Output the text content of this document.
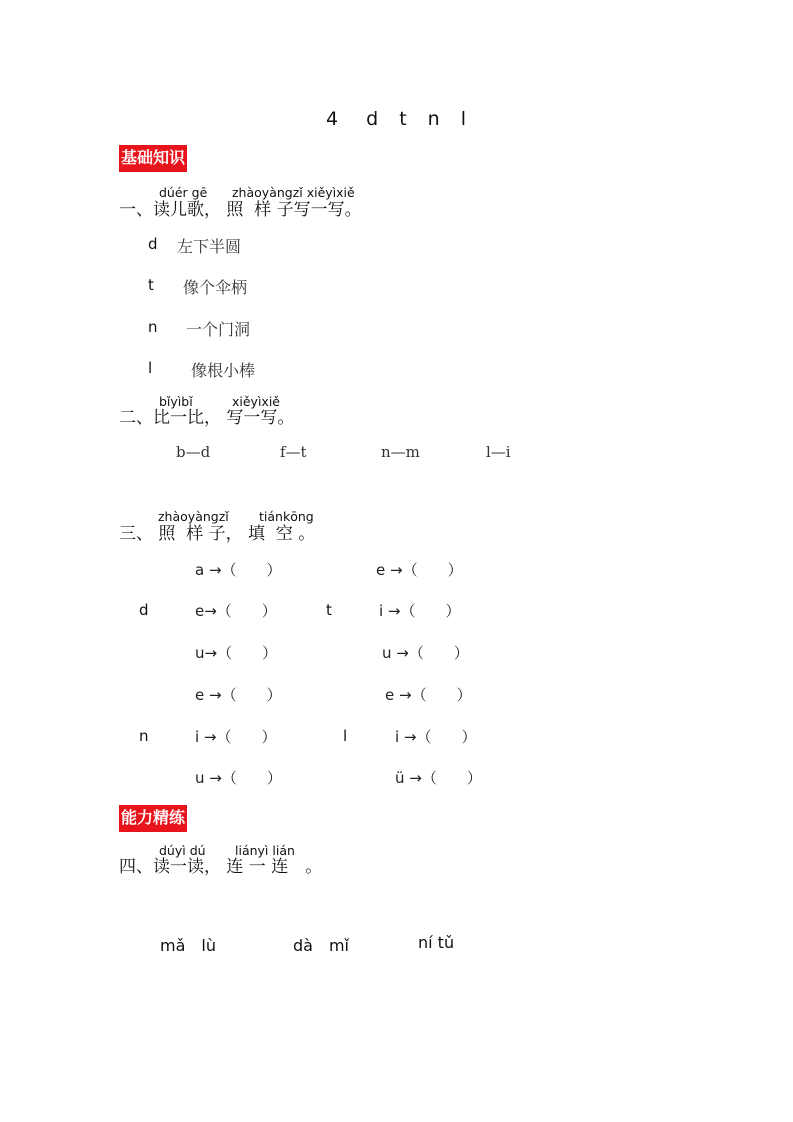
4　 d　t　n　l
基础知识
dúér gē zhàoyàngzǐ xiěyìxiě
一、读儿歌， 照  样 子写一写。
d 左下半圆
t 像个伞柄
n 一个门洞
l 像根小棒
bǐyìbǐ	xiěyìxiě
二、比一比， 写一写。
b—d	f—t	n—m	l—i
zhàoyàngzǐ tiánkōng
三、 照  样 子， 填  空 。
a →（　　）	e →（　　）
d	e→（　　）	t	i →（　　）
u→（　　）	u →（　　）
e →（　　）	e →（　　）
n	i →（　　）	l	i →（　　）
u →（　　）	ü →（　　）
能力精练
dúyì dú liányì lián
四、读一读， 连 一 连　。
mǎ　lù	dà　mǐ	ní tǔ
